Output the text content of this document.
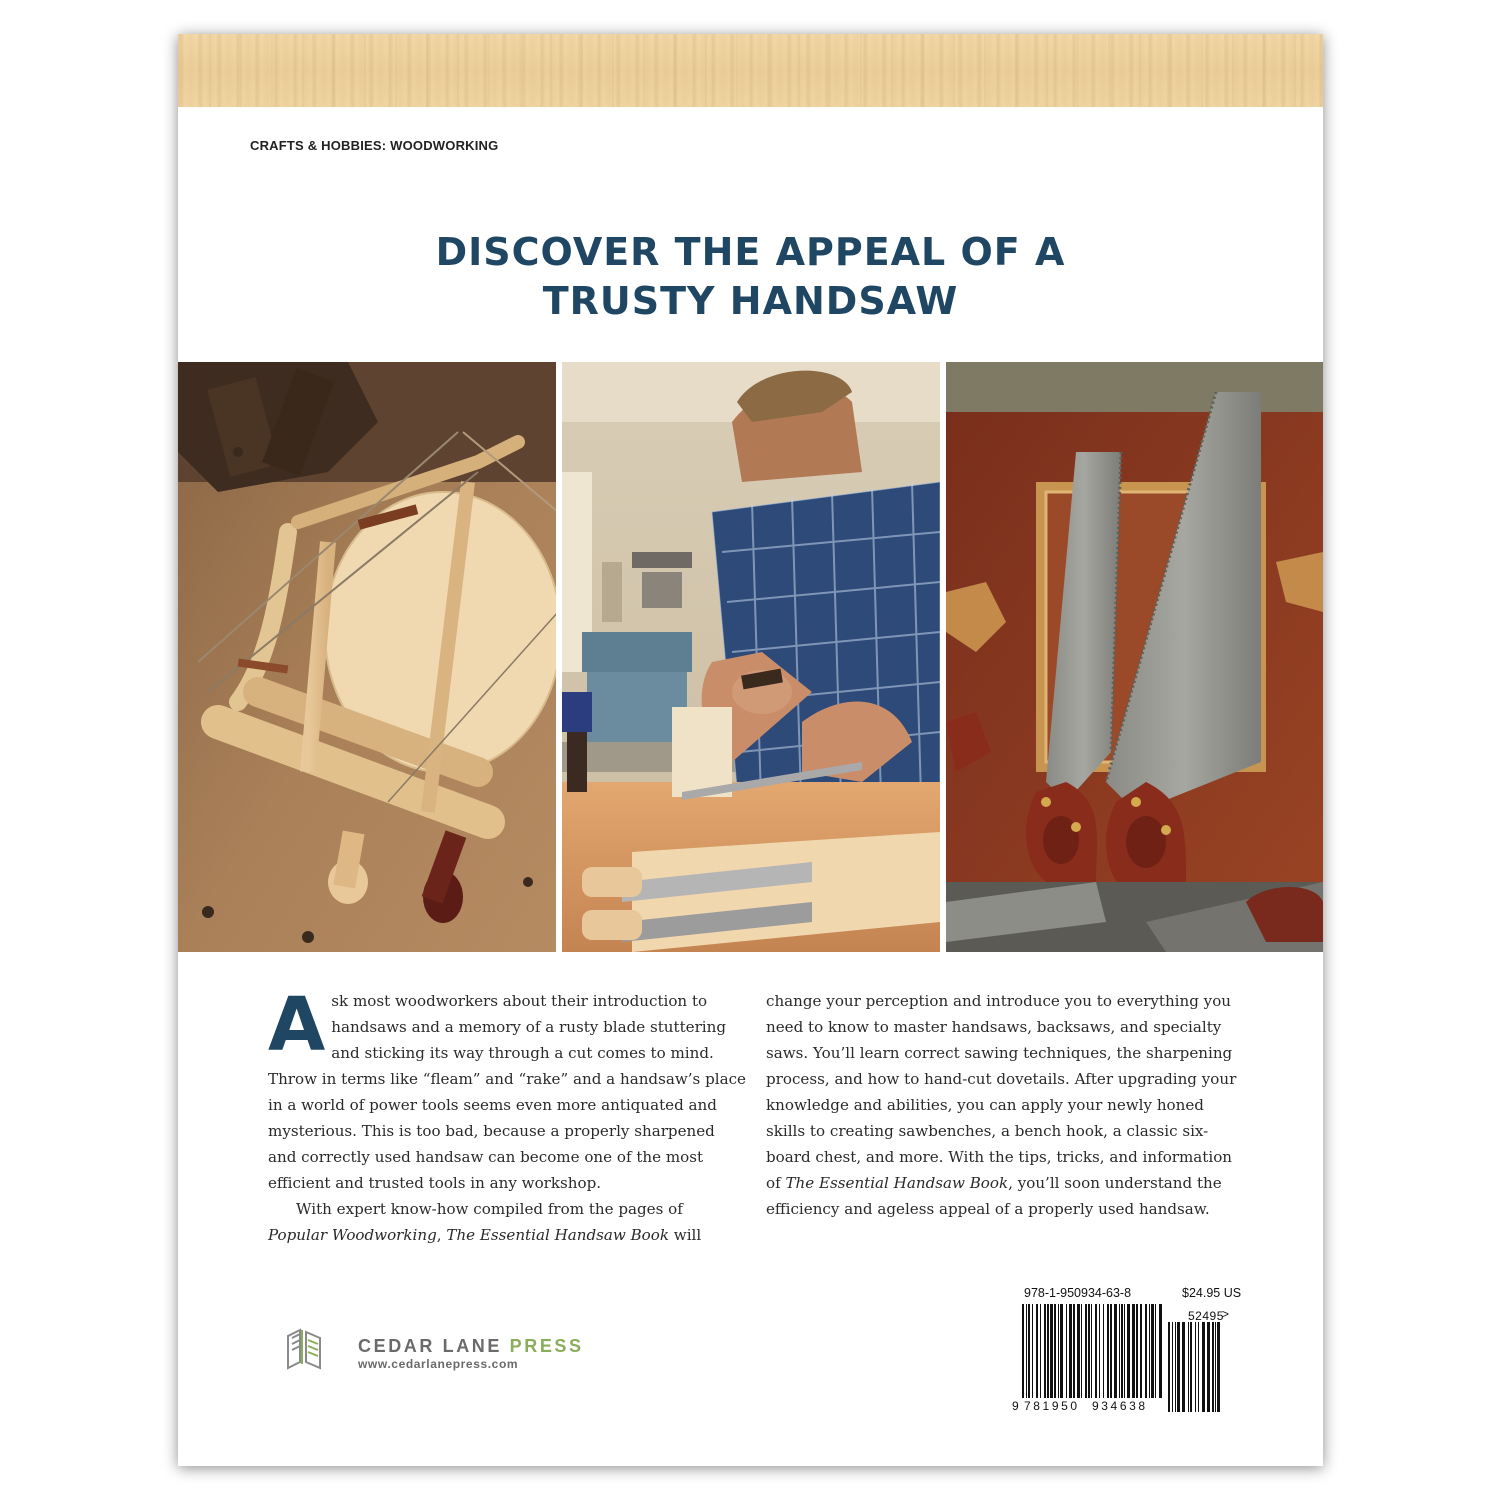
CRAFTS & HOBBIES: WOODWORKING
DISCOVER THE APPEAL OF A
TRUSTY HANDSAW

Ask most woodworkers about their introduction to handsaws and a memory of a rusty blade stuttering and sticking its way through a cut comes to mind. Throw in terms like “fleam” and “rake” and a handsaw’s place in a world of power tools seems even more antiquated and mysterious. This is too bad, because a properly sharpened and correctly used handsaw can become one of the most efficient and trusted tools in any workshop.

With expert know-how compiled from the pages of Popular Woodworking, The Essential Handsaw Book will

change your perception and introduce you to everything you need to know to master handsaws, backsaws, and specialty saws. You’ll learn correct sawing techniques, the sharpening process, and how to hand-cut dovetails. After upgrading your knowledge and abilities, you can apply your newly honed skills to creating sawbenches, a bench hook, a classic six-board chest, and more. With the tips, tricks, and information of The Essential Handsaw Book, you’ll soon understand the efficiency and ageless appeal of a properly used handsaw.

CEDAR LANE PRESS
www.cedarlanepress.com
978-1-950934-63-8	$24.95 US
9 781950 934638
>
52495
